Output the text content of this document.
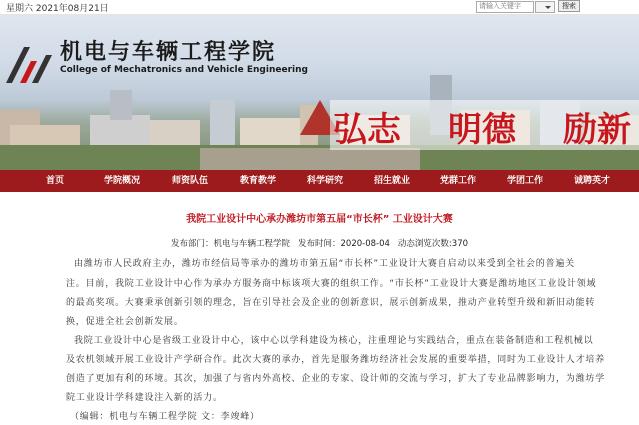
星期六 2021年08月21日
请输入关键字	搜索
机电与车辆工程学院
College of Mechatronics and Vehicle Engineering
弘志 明德 励新
首页	学院概况	师资队伍	教育教学	科学研究	招生就业	党群工作	学团工作	诚聘英才
我院工业设计中心承办潍坊市第五届“市长杯” 工业设计大赛
发布部门：机电与车辆工程学院 发布时间：2020-08-04 动态浏览次数:370
由潍坊市人民政府主办，潍坊市经信局等承办的潍坊市第五届“市长杯”工业设计大赛自启动以来受到全社会的普遍关
注。目前，我院工业设计中心作为承办方服务商中标该项大赛的组织工作。“市长杯”工业设计大赛是潍坊地区工业设计领域
的最高奖项。大赛秉承创新引领的理念，旨在引导社会及企业的创新意识，展示创新成果，推动产业转型升级和新旧动能转
换，促进全社会创新发展。
我院工业设计中心是省级工业设计中心，该中心以学科建设为核心，注重理论与实践结合，重点在装备制造和工程机械以
及农机领域开展工业设计产学研合作。此次大赛的承办，首先是服务潍坊经济社会发展的重要举措，同时为工业设计人才培养
创造了更加有利的环境。其次，加强了与省内外高校、企业的专家、设计师的交流与学习，扩大了专业品牌影响力，为潍坊学
院工业设计学科建设注入新的活力。
（编辑：机电与车辆工程学院 文：李竣峰）
